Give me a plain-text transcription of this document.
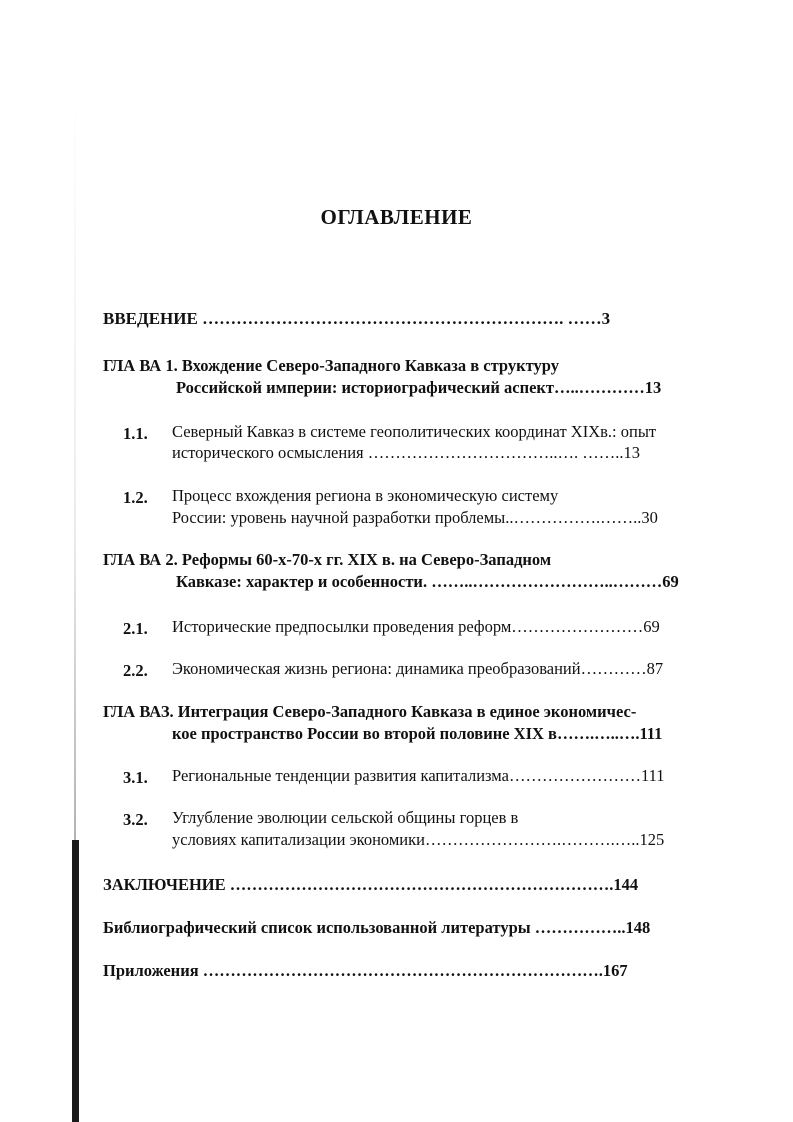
ОГЛАВЛЕНИЕ
ВВЕДЕНИЕ ………………………………………………………. ……3
ГЛА ВА 1. Вхождение Северо-Западного Кавказа в структуру
Российской империи: историографический аспект…..…………13
1.1. Северный Кавказ в системе геополитических координат XIXв.: опыт
исторического осмысления ……………………………..…. ……..13
1.2. Процесс вхождения региона в экономическую систему
России: уровень научной разработки проблемы..…………….……..30
ГЛА ВА 2. Реформы 60-х-70-х гг. XIX в. на Северо-Западном
Кавказе: характер и особенности. ……..……………………..………69
2.1. Исторические предпосылки проведения реформ……………………69
2.2. Экономическая жизнь региона: динамика преобразований…………87
ГЛА ВАЗ. Интеграция Северо-Западного Кавказа в единое экономичес-
кое пространство России во второй половине XIX в…….…..….111
3.1. Региональные тенденции развития капитализма……………………111
3.2. Углубление эволюции сельской общины горцев в
условиях капитализации экономики…………………….……….…..125
ЗАКЛЮЧЕНИЕ …………………………………………………………….144
Библиографический список использованной литературы ……………..148
Приложения ……………………………………………………………….167
